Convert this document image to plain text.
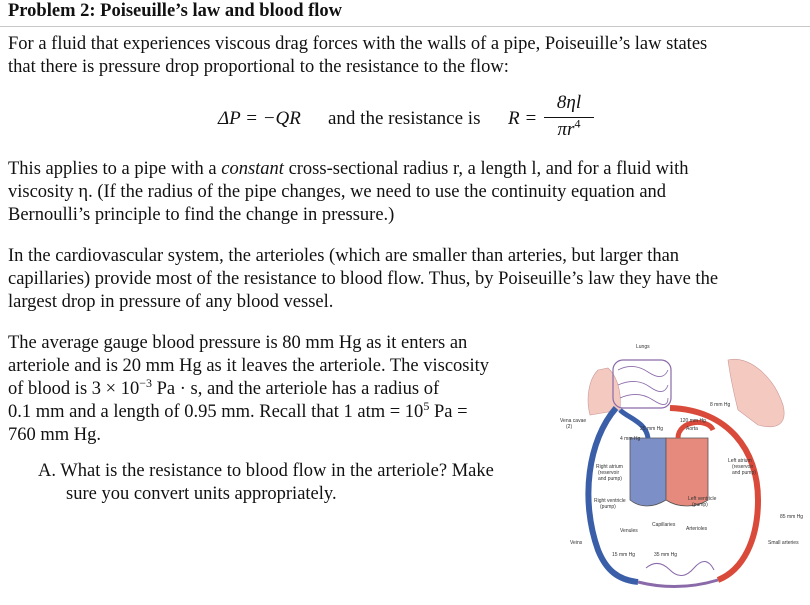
Problem 2: Poiseuille’s law and blood flow
For a fluid that experiences viscous drag forces with the walls of a pipe, Poiseuille’s law states
that there is pressure drop proportional to the resistance to the flow:
ΔP = −QR and the resistance is R =
8ηl
$\pi r^4$
This applies to a pipe with a constant cross-sectional radius r, a length l, and for a fluid with
viscosity η. (If the radius of the pipe changes, we need to use the continuity equation and
Bernoulli’s principle to find the change in pressure.)
In the cardiovascular system, the arterioles (which are smaller than arteries, but larger than
capillaries) provide most of the resistance to blood flow. Thus, by Poiseuille’s law they have the
largest drop in pressure of any blood vessel.
The average gauge blood pressure is 80 mm Hg as it enters an
arteriole and is 20 mm Hg as it leaves the arteriole. The viscosity
of blood is $3 \times 10^{-3}$ Pa · s, and the arteriole has a radius of
0.1 mm and a length of 0.95 mm. Recall that 1 atm = $10^5$ Pa =
760 mm Hg.
A. What is the resistance to blood flow in the arteriole? Make
sure you convert units appropriately.
Lungs
8 mm Hg
Vena cavae
(2)
120 mm Hg
25 mm Hg	Aorta
4 mm Hg
Left atrium
(reservoir
and pump)
Right atrium
(reservoir
and pump)
Right ventricle
(pump)
Left ventricle
(pump)
85 mm Hg
Capillaries
Venules	Arterioles
Small arteries
Veins
15 mm Hg	35 mm Hg
